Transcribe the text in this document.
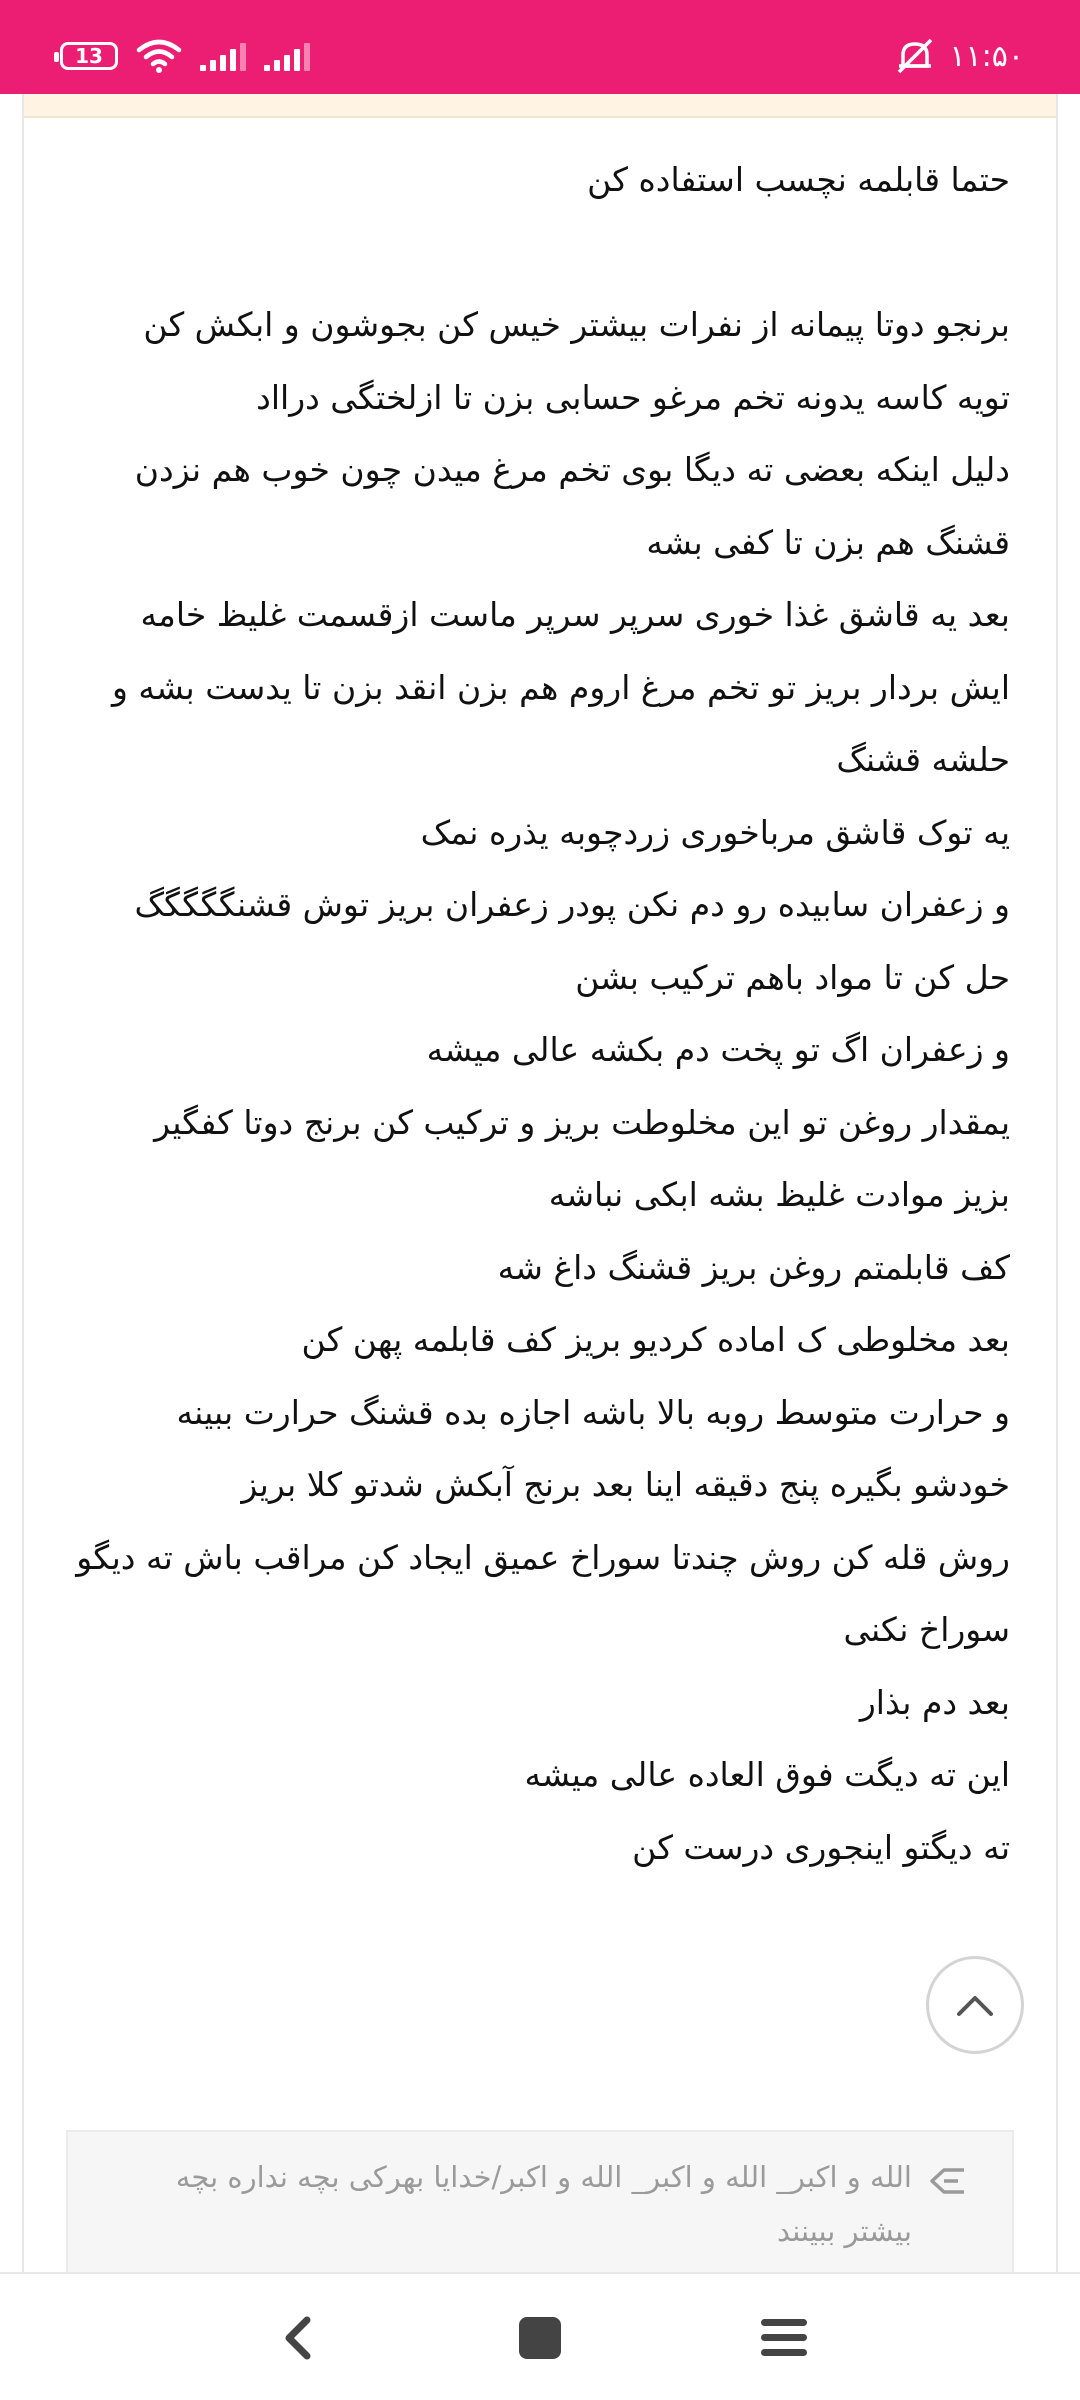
13	۱۱:۵۰
حتما قابلمه نچسب استفاده کن
برنجو دوتا پیمانه از نفرات بیشتر خیس کن بجوشون و ابکش کن
تویه کاسه یدونه تخم مرغو حسابی بزن تا ازلختگی درااد
دلیل اینکه بعضی ته دیگا بوی تخم مرغ میدن چون خوب هم نزدن
قشنگ هم بزن تا کفی بشه
بعد یه قاشق غذا خوری سرپر سرپر ماست ازقسمت غلیظ خامه
ایش بردار بریز تو تخم مرغ اروم هم بزن انقد بزن تا یدست بشه و حلشه قشنگ
یه توک قاشق مرباخوری زردچوبه یذره نمک
و زعفران سابیده رو دم نکن پودر زعفران بریز توش قشنگگگگگ
حل کن تا مواد باهم ترکیب بشن
و زعفران اگ تو پخت دم بکشه عالی میشه
یمقدار روغن تو این مخلوطت بریز و ترکیب کن برنج دوتا کفگیر
بزیز موادت غلیظ بشه ابکی نباشه
کف قابلمتم روغن بریز قشنگ داغ شه
بعد مخلوطی ک اماده کردیو بریز کف قابلمه پهن کن
و حرارت متوسط روبه بالا باشه اجازه بده قشنگ حرارت ببینه
خودشو بگیره پنج دقیقه اینا بعد برنج آبکش شدتو کلا بریز
روش قله کن روش چندتا سوراخ عمیق ایجاد کن مراقب باش ته دیگو سوراخ نکنی
بعد دم بذار
این ته دیگت فوق العاده عالی میشه
ته دیگتو اینجوری درست کن
الله و اکبر_ الله و اکبر_ الله و اکبر/خدایا بهرکی بچه نداره بچه بیشتر ببینند
